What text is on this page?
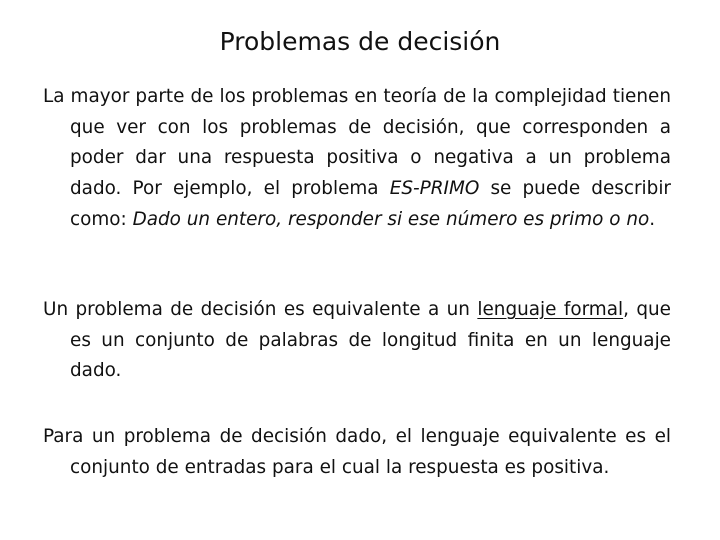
Problemas de decisión

La mayor parte de los problemas en teoría de la complejidad tienen que ver con los problemas de decisión, que corresponden a poder dar una respuesta positiva o negativa a un problema dado. Por ejemplo, el problema ES-PRIMO se puede describir como: Dado un entero, responder si ese número es primo o no.

Un problema de decisión es equivalente a un lenguaje formal, que es un conjunto de palabras de longitud finita en un lenguaje dado.

Para un problema de decisión dado, el lenguaje equivalente es el conjunto de entradas para el cual la respuesta es positiva.
